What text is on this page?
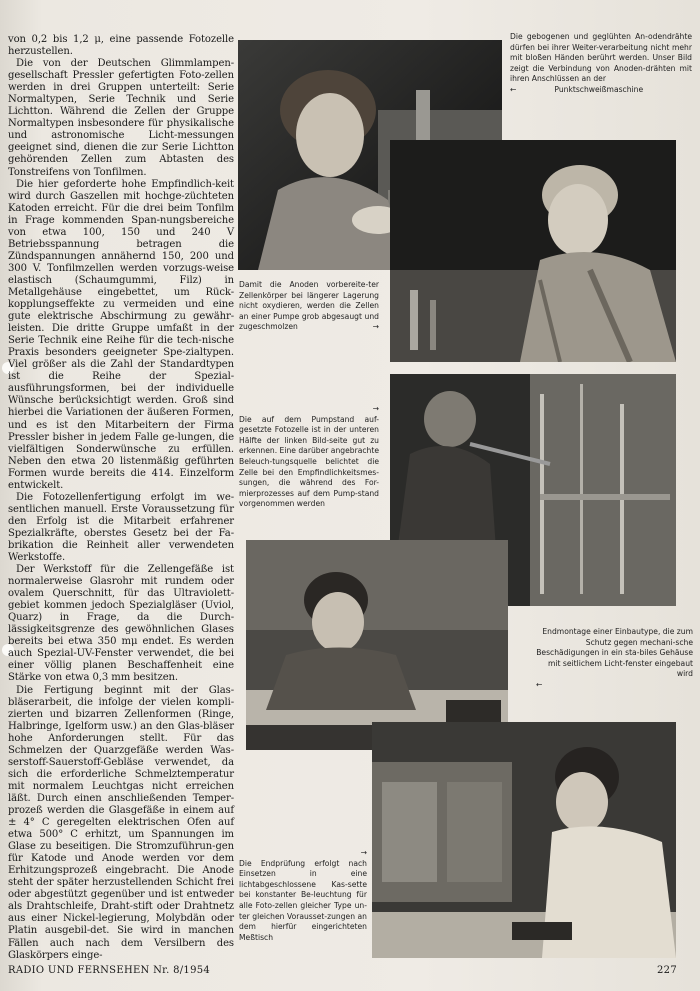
von 0,2 bis 1,2 μ, eine passende Fotozelle herzustellen.

Die von der Deutschen Glimmlampen-gesellschaft Pressler gefertigten Foto-zellen werden in drei Gruppen unterteilt: Serie Normaltypen, Serie Technik und Serie Lichtton. Während die Zellen der Gruppe Normaltypen insbesondere für physikalische und astronomische Licht-messungen geeignet sind, dienen die zur Serie Lichtton gehörenden Zellen zum Abtasten des Tonstreifens von Tonfilmen.

Die hier geforderte hohe Empfindlich-keit wird durch Gaszellen mit hochge-züchteten Katoden erreicht. Für die drei beim Tonfilm in Frage kommenden Span-nungsbereiche von etwa 100, 150 und 240 V Betriebsspannung betragen die Zündspannungen annähernd 150, 200 und 300 V. Tonfilmzellen werden vorzugs-weise elastisch (Schaumgummi, Filz) in Metallgehäuse eingebettet, um Rück-kopplungseffekte zu vermeiden und eine gute elektrische Abschirmung zu gewähr-leisten. Die dritte Gruppe umfaßt in der Serie Technik eine Reihe für die tech-nische Praxis besonders geeigneter Spe-zialtypen. Viel größer als die Zahl der Standardtypen ist die Reihe der Spezial-ausführungsformen, bei der individuelle Wünsche berücksichtigt werden. Groß sind hierbei die Variationen der äußeren Formen, und es ist den Mitarbeitern der Firma Pressler bisher in jedem Falle ge-lungen, die vielfältigen Sonderwünsche zu erfüllen. Neben den etwa 20 listenmäßig geführten Formen wurde bereits die 414. Einzelform entwickelt.

Die Fotozellenfertigung erfolgt im we-sentlichen manuell. Erste Voraussetzung für den Erfolg ist die Mitarbeit erfahrener Spezialkräfte, oberstes Gesetz bei der Fa-brikation die Reinheit aller verwendeten Werkstoffe.

Der Werkstoff für die Zellengefäße ist normalerweise Glasrohr mit rundem oder ovalem Querschnitt, für das Ultraviolett-gebiet kommen jedoch Spezialgläser (Uviol, Quarz) in Frage, da die Durch-lässigkeitsgrenze des gewöhnlichen Glases bereits bei etwa 350 mμ endet. Es werden auch Spezial-UV-Fenster verwendet, die bei einer völlig planen Beschaffenheit eine Stärke von etwa 0,3 mm besitzen.

Die Fertigung beginnt mit der Glas-bläserarbeit, die infolge der vielen kompli-zierten und bizarren Zellenformen (Ringe, Halbringe, Igelform usw.) an den Glas-bläser hohe Anforderungen stellt. Für das Schmelzen der Quarzgefäße werden Was-serstoff-Sauerstoff-Gebläse verwendet, da sich die erforderliche Schmelztemperatur mit normalem Leuchtgas nicht erreichen läßt. Durch einen anschließenden Temper-prozeß werden die Glasgefäße in einem auf ± 4° C geregelten elektrischen Ofen auf etwa 500° C erhitzt, um Spannungen im Glase zu beseitigen. Die Stromzuführun-gen für Katode und Anode werden vor dem Erhitzungsprozeß eingebracht. Die Anode steht der später herzustellenden Schicht frei oder abgestützt gegenüber und ist entweder als Drahtschleife, Draht-stift oder Drahtnetz aus einer Nickel-legierung, Molybdän oder Platin ausgebil-det. Sie wird in manchen Fällen auch nach dem Versilbern des Glaskörpers einge-

Die gebogenen und geglühten An-odendrähte dürfen bei ihrer Weiter-verarbeitung nicht mehr mit bloßen Händen berührt werden. Unser Bild zeigt die Verbindung von Anoden-drähten mit ihren Anschlüssen an der
←	Punktschweißmaschine
Damit die Anoden vorbereite-ter Zellenkörper bei längerer Lagerung nicht oxydieren, werden die Zellen an einer Pumpe grob abgesaugt und zugeschmolzen	→
→
Die auf dem Pumpstand auf-gesetzte Fotozelle ist in der unteren Hälfte der linken Bild-seite gut zu erkennen. Eine darüber angebrachte Beleuch-tungsquelle belichtet die Zelle bei den Empfindlichkeitsmes-sungen, die während des For-mierprozesses auf dem Pump-stand vorgenommen werden
Endmontage einer Einbautype, die zum Schutz gegen mechani-sche Beschädigungen in ein sta-biles Gehäuse mit seitlichem Licht-fenster eingebaut wird
←
→
Die Endprüfung erfolgt nach Einsetzen in eine lichtabgeschlossene Kas-sette bei konstanter Be-leuchtung für alle Foto-zellen gleicher Type un-ter gleichen Vorausset-zungen an dem hierfür eingerichteten Meßtisch
RADIO UND FERNSEHEN Nr. 8/1954	227
